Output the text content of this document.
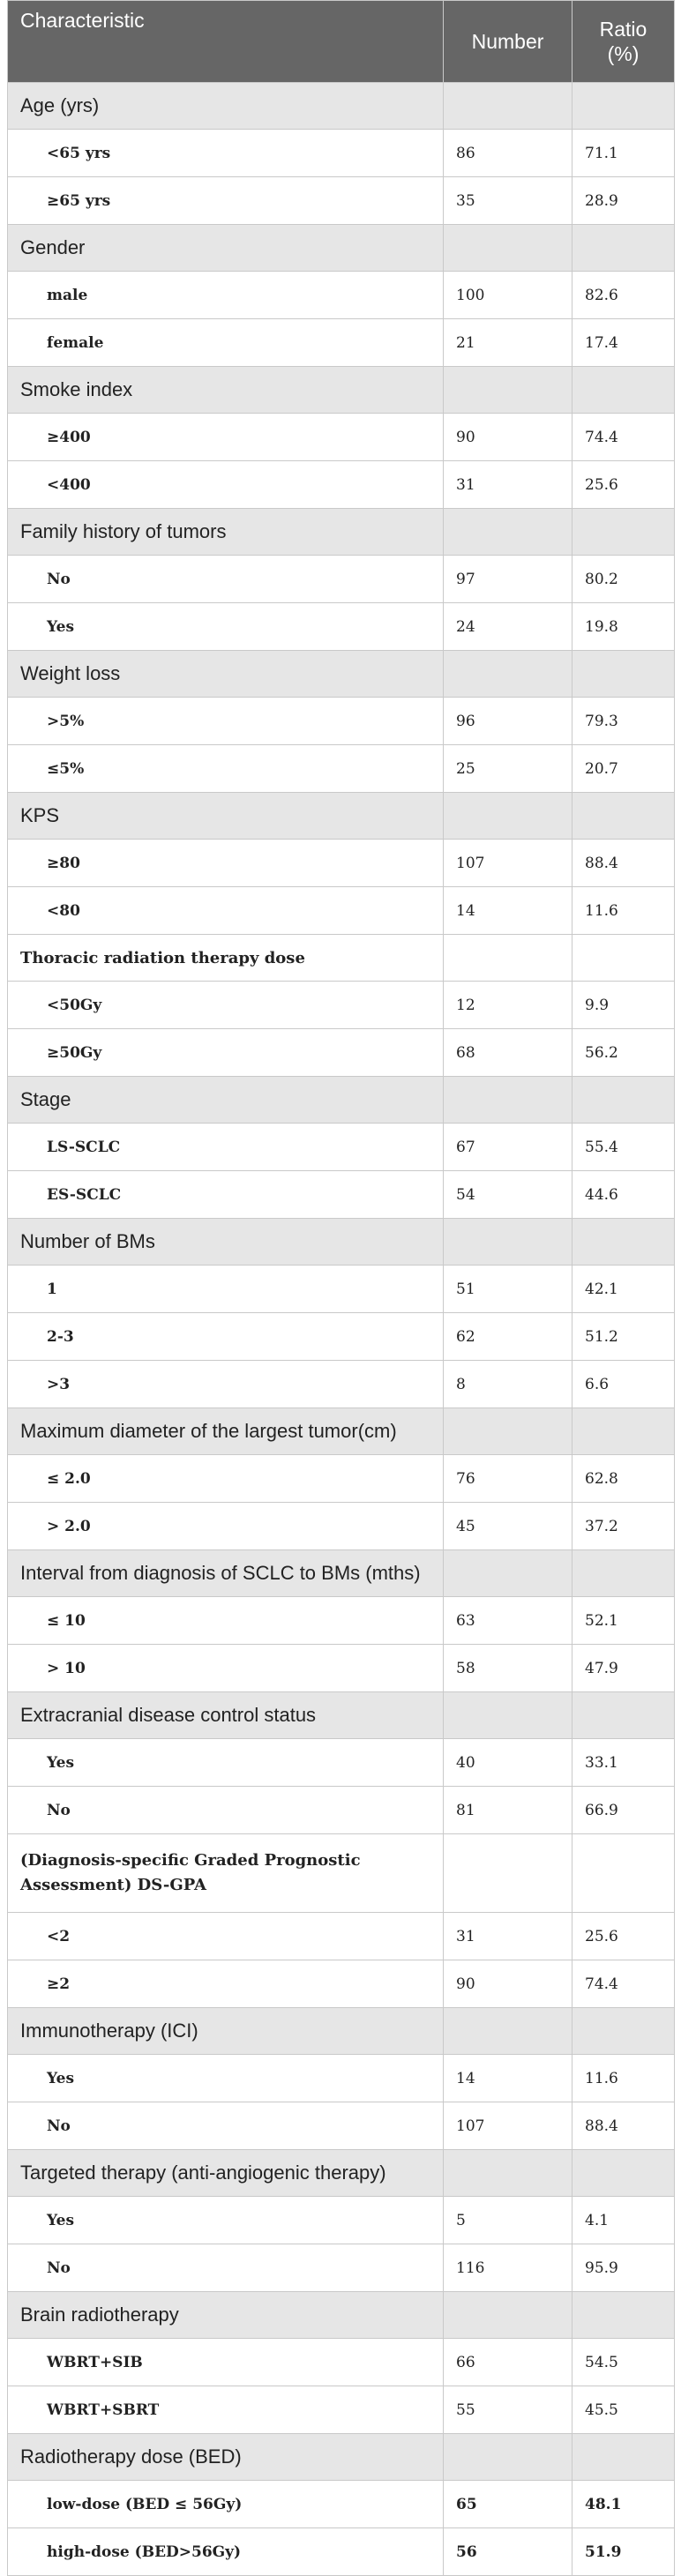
Characteristic	Number	Ratio (%)
Age (yrs)		
<65 yrs	86	71.1
≥65 yrs	35	28.9
Gender		
male	100	82.6
female	21	17.4
Smoke index		
≥400	90	74.4
<400	31	25.6
Family history of tumors		
No	97	80.2
Yes	24	19.8
Weight loss		
>5%	96	79.3
≤5%	25	20.7
KPS		
≥80	107	88.4
<80	14	11.6
Thoracic radiation therapy dose		
<50Gy	12	9.9
≥50Gy	68	56.2
Stage		
LS-SCLC	67	55.4
ES-SCLC	54	44.6
Number of BMs		
1	51	42.1
2-3	62	51.2
>3	8	6.6
Maximum diameter of the largest tumor(cm)		
≤ 2.0	76	62.8
> 2.0	45	37.2
Interval from diagnosis of SCLC to BMs (mths)		
≤ 10	63	52.1
> 10	58	47.9
Extracranial disease control status		
Yes	40	33.1
No	81	66.9
(Diagnosis-specific Graded Prognostic Assessment) DS-GPA		
<2	31	25.6
≥2	90	74.4
Immunotherapy (ICI)		
Yes	14	11.6
No	107	88.4
Targeted therapy (anti-angiogenic therapy)		
Yes	5	4.1
No	116	95.9
Brain radiotherapy		
WBRT+SIB	66	54.5
WBRT+SBRT	55	45.5
Radiotherapy dose (BED)		
low-dose (BED ≤ 56Gy)	65	48.1
high-dose (BED>56Gy)	56	51.9
